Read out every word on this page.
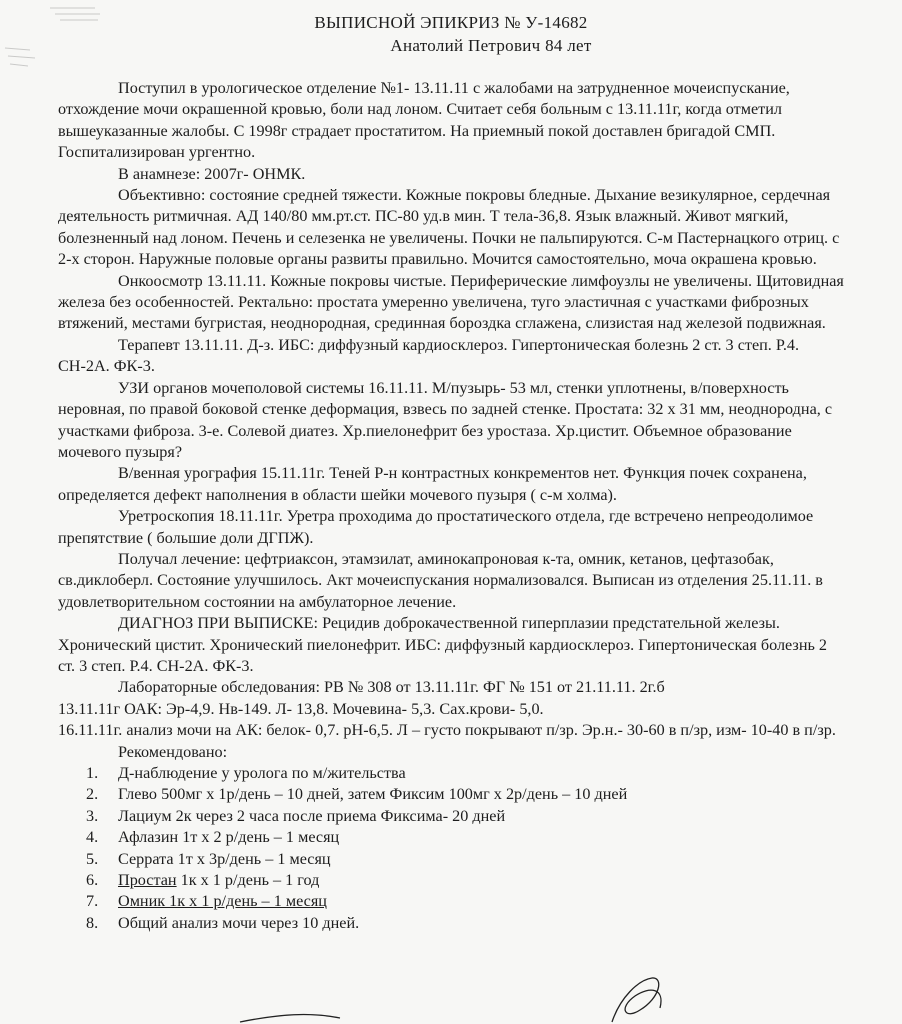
ВЫПИСНОЙ ЭПИКРИЗ № У-14682
Анатолий Петрович 84 лет

Поступил в урологическое отделение №1- 13.11.11 с жалобами на затрудненное мочеиспускание, отхождение мочи окрашенной кровью, боли над лоном. Считает себя больным с 13.11.11г, когда отметил вышеуказанные жалобы. С 1998г страдает простатитом. На приемный покой доставлен бригадой СМП. Госпитализирован ургентно.

В анамнезе: 2007г- ОНМК.

Объективно: состояние средней тяжести. Кожные покровы бледные. Дыхание везикулярное, сердечная деятельность ритмичная. АД 140/80 мм.рт.ст. ПС-80 уд.в мин. Т тела-36,8. Язык влажный. Живот мягкий, болезненный над лоном. Печень и селезенка не увеличены. Почки не пальпируются. С-м Пастернацкого отриц. с 2-х сторон. Наружные половые органы развиты правильно. Мочится самостоятельно, моча окрашена кровью.

Онкоосмотр 13.11.11. Кожные покровы чистые. Периферические лимфоузлы не увеличены. Щитовидная железа без особенностей. Ректально: простата умеренно увеличена, туго эластичная с участками фиброзных втяжений, местами бугристая, неоднородная, срединная бороздка сглажена, слизистая над железой подвижная.

Терапевт 13.11.11. Д-з. ИБС: диффузный кардиосклероз. Гипертоническая болезнь 2 ст. 3 степ. Р.4. СН-2А. ФК-3.

УЗИ органов мочеполовой системы 16.11.11. М/пузырь- 53 мл, стенки уплотнены, в/поверхность неровная, по правой боковой стенке деформация, взвесь по задней стенке. Простата: 32 х 31 мм, неоднородна, с участками фиброза. 3-е. Солевой диатез. Хр.пиелонефрит без уростаза. Хр.цистит. Объемное образование мочевого пузыря?

В/венная урография 15.11.11г. Теней Р-н контрастных конкрементов нет. Функция почек сохранена, определяется дефект наполнения в области шейки мочевого пузыря ( с-м холма).

Уретроскопия 18.11.11г. Уретра проходима до простатического отдела, где встречено непреодолимое препятствие ( большие доли ДГПЖ).

Получал лечение: цефтриаксон, этамзилат, аминокапроновая к-та, омник, кетанов, цефтазобак, св.диклоберл. Состояние улучшилось. Акт мочеиспускания нормализовался. Выписан из отделения 25.11.11. в удовлетворительном состоянии на амбулаторное лечение.

ДИАГНОЗ ПРИ ВЫПИСКЕ: Рецидив доброкачественной гиперплазии предстательной железы. Хронический цистит. Хронический пиелонефрит. ИБС: диффузный кардиосклероз. Гипертоническая болезнь 2 ст. 3 степ. Р.4. СН-2А. ФК-3.

Лабораторные обследования: РВ № 308 от 13.11.11г. ФГ № 151 от 21.11.11. 2г.б

13.11.11г ОАК: Эр-4,9. Нв-149. Л- 13,8. Мочевина- 5,3. Сах.крови- 5,0.

16.11.11г. анализ мочи на АК: белок- 0,7. рН-6,5. Л – густо покрывают п/зр. Эр.н.- 30-60 в п/зр, изм- 10-40 в п/зр.

Рекомендовано:

1. Д-наблюдение у уролога по м/жительства
2. Глево 500мг х 1р/день – 10 дней, затем Фиксим 100мг х 2р/день – 10 дней
3. Лациум 2к через 2 часа после приема Фиксима- 20 дней
4. Афлазин 1т х 2 р/день – 1 месяц
5. Серрата 1т х 3р/день – 1 месяц
6. Простан 1к х 1 р/день – 1 год
7. Омник 1к х 1 р/день – 1 месяц
8. Общий анализ мочи через 10 дней.
